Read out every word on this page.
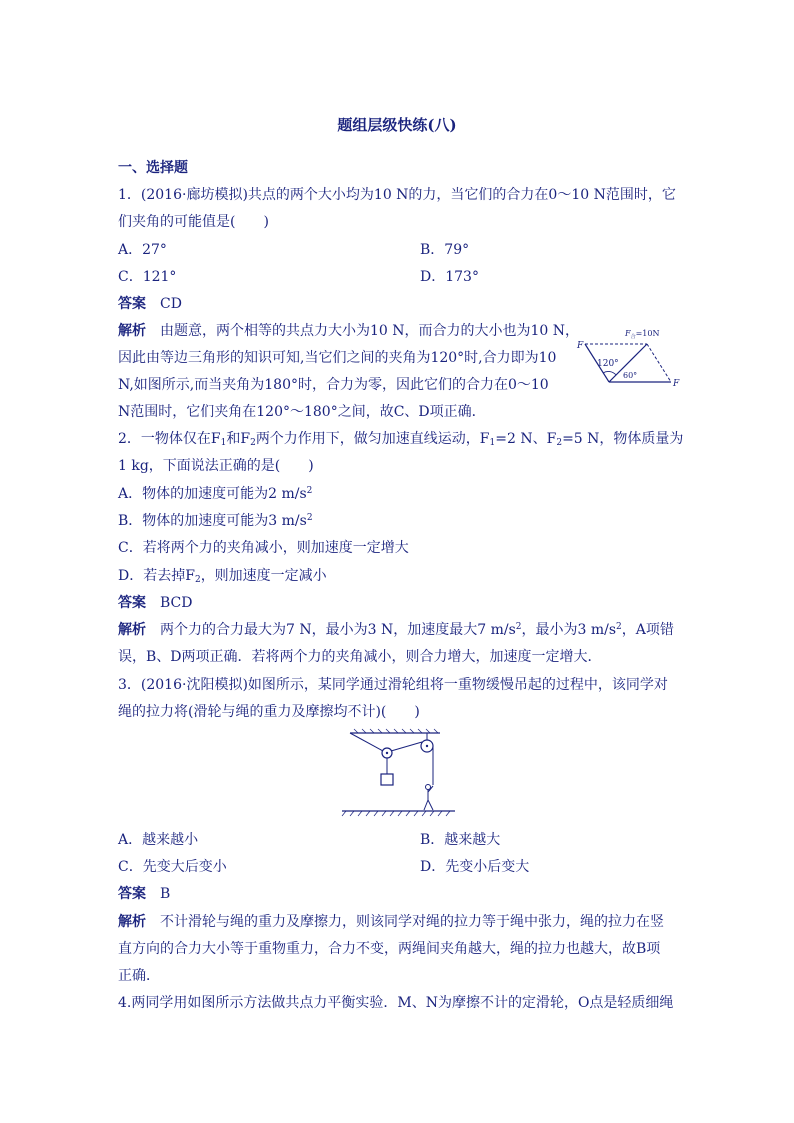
题组层级快练(八)
一、选择题
1．(2016·廊坊模拟)共点的两个大小均为10 N的力，当它们的合力在0～10 N范围时，它
们夹角的可能值是(　　)
A．27°	B．79°
C．121°	D．173°
答案　 CD
解析　 由题意，两个相等的共点力大小为10 N，而合力的大小也为10 N，
因此由等边三角形的知识可知,当它们之间的夹角为120°时,合力即为10
N,如图所示,而当夹角为180°时，合力为零，因此它们的合力在0～10
N范围时，它们夹角在120°～180°之间，故C、D项正确．
F
F
$F_合=10N$
120°
60°
2．一物体仅在$F_1$和$F_2$两个力作用下，做匀加速直线运动，$F_1=2$ N、$F_2=5$ N，物体质量为
1 kg，下面说法正确的是(　　)
A．物体的加速度可能为2 $m/s^2$
B．物体的加速度可能为3 $m/s^2$
C．若将两个力的夹角减小，则加速度一定增大
D．若去掉$F_2$，则加速度一定减小
答案　 BCD
解析　 两个力的合力最大为7 N，最小为3 N，加速度最大7 $m/s^2$，最小为3 $m/s^2$，A项错
误，B、D两项正确．若将两个力的夹角减小，则合力增大，加速度一定增大．
3．(2016·沈阳模拟)如图所示，某同学通过滑轮组将一重物缓慢吊起的过程中，该同学对
绳的拉力将(滑轮与绳的重力及摩擦均不计)(　　)
A．越来越小	B．越来越大
C．先变大后变小	D．先变小后变大
答案　 B
解析　 不计滑轮与绳的重力及摩擦力，则该同学对绳的拉力等于绳中张力，绳的拉力在竖
直方向的合力大小等于重物重力，合力不变，两绳间夹角越大，绳的拉力也越大，故B项
正确．
4.两同学用如图所示方法做共点力平衡实验．M、N为摩擦不计的定滑轮，O点是轻质细绳
